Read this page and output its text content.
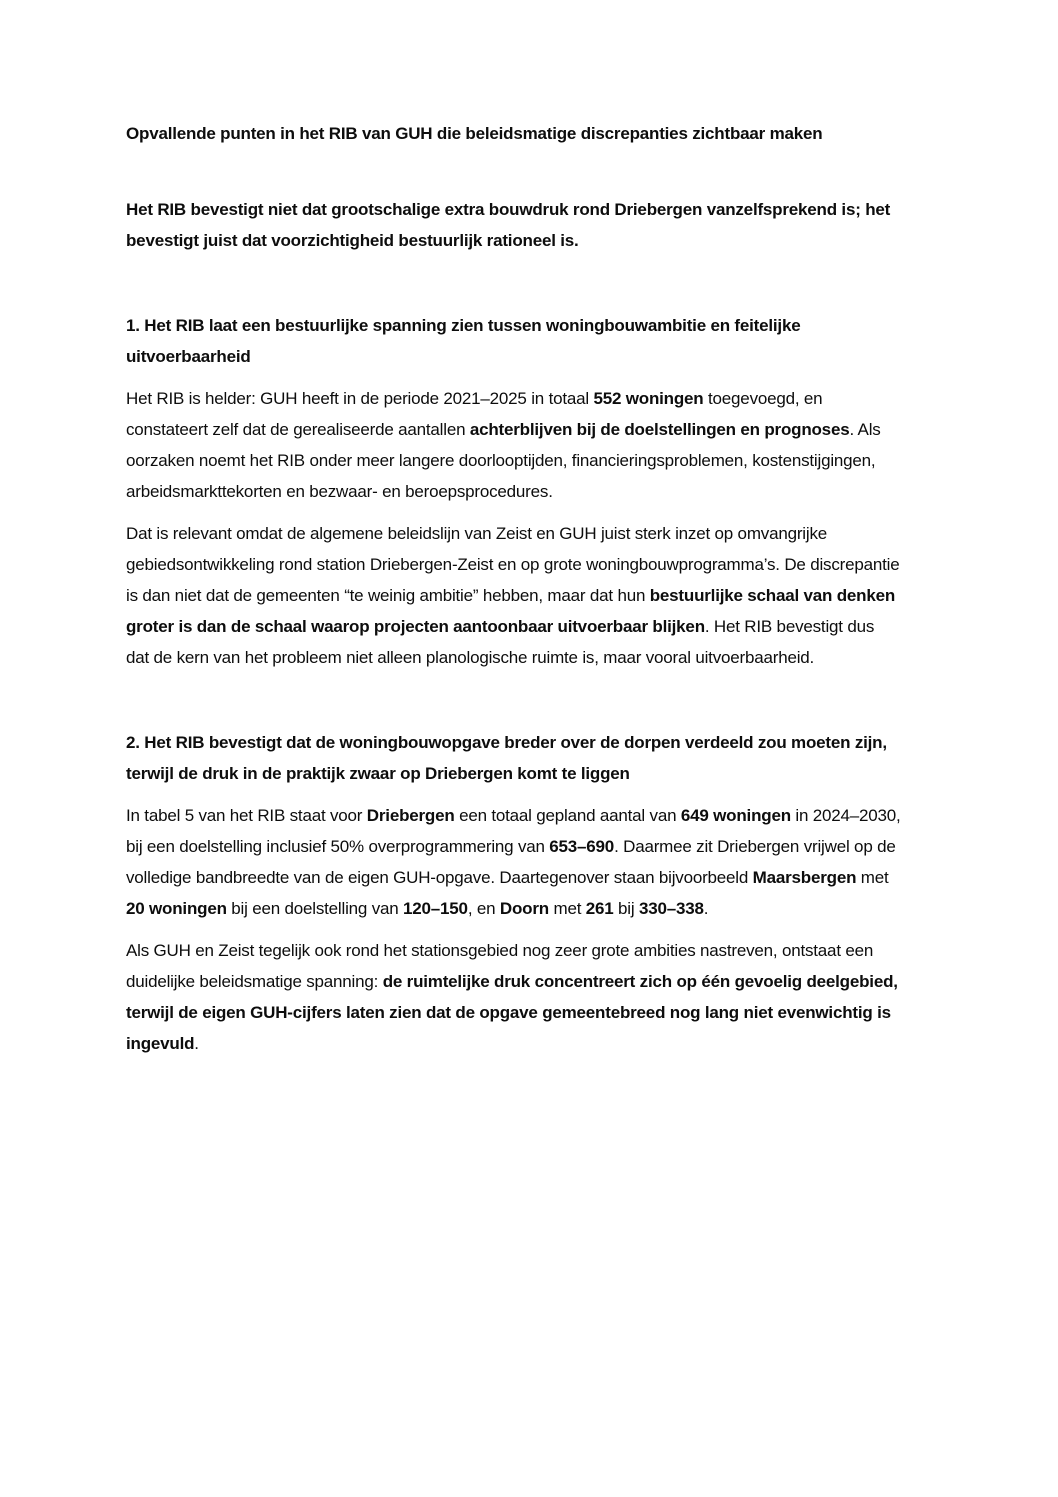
Opvallende punten in het RIB van GUH die beleidsmatige discrepanties zichtbaar maken

Het RIB bevestigt niet dat grootschalige extra bouwdruk rond Driebergen vanzelfsprekend is; het bevestigt juist dat voorzichtigheid bestuurlijk rationeel is.

1. Het RIB laat een bestuurlijke spanning zien tussen woningbouwambitie en feitelijke uitvoerbaarheid

Het RIB is helder: GUH heeft in de periode 2021–2025 in totaal 552 woningen toegevoegd, en constateert zelf dat de gerealiseerde aantallen achterblijven bij de doelstellingen en prognoses. Als oorzaken noemt het RIB onder meer langere doorlooptijden, financieringsproblemen, kostenstijgingen, arbeidsmarkttekorten en bezwaar- en beroepsprocedures.

Dat is relevant omdat de algemene beleidslijn van Zeist en GUH juist sterk inzet op omvangrijke gebiedsontwikkeling rond station Driebergen-Zeist en op grote woningbouwprogramma’s. De discrepantie is dan niet dat de gemeenten “te weinig ambitie” hebben, maar dat hun bestuurlijke schaal van denken groter is dan de schaal waarop projecten aantoonbaar uitvoerbaar blijken. Het RIB bevestigt dus dat de kern van het probleem niet alleen planologische ruimte is, maar vooral uitvoerbaarheid.

2. Het RIB bevestigt dat de woningbouwopgave breder over de dorpen verdeeld zou moeten zijn, terwijl de druk in de praktijk zwaar op Driebergen komt te liggen

In tabel 5 van het RIB staat voor Driebergen een totaal gepland aantal van 649 woningen in 2024–2030, bij een doelstelling inclusief 50% overprogrammering van 653–690. Daarmee zit Driebergen vrijwel op de volledige bandbreedte van de eigen GUH-opgave. Daartegenover staan bijvoorbeeld Maarsbergen met 20 woningen bij een doelstelling van 120–150, en Doorn met 261 bij 330–338.

Als GUH en Zeist tegelijk ook rond het stationsgebied nog zeer grote ambities nastreven, ontstaat een duidelijke beleidsmatige spanning: de ruimtelijke druk concentreert zich op één gevoelig deelgebied, terwijl de eigen GUH-cijfers laten zien dat de opgave gemeentebreed nog lang niet evenwichtig is ingevuld.
